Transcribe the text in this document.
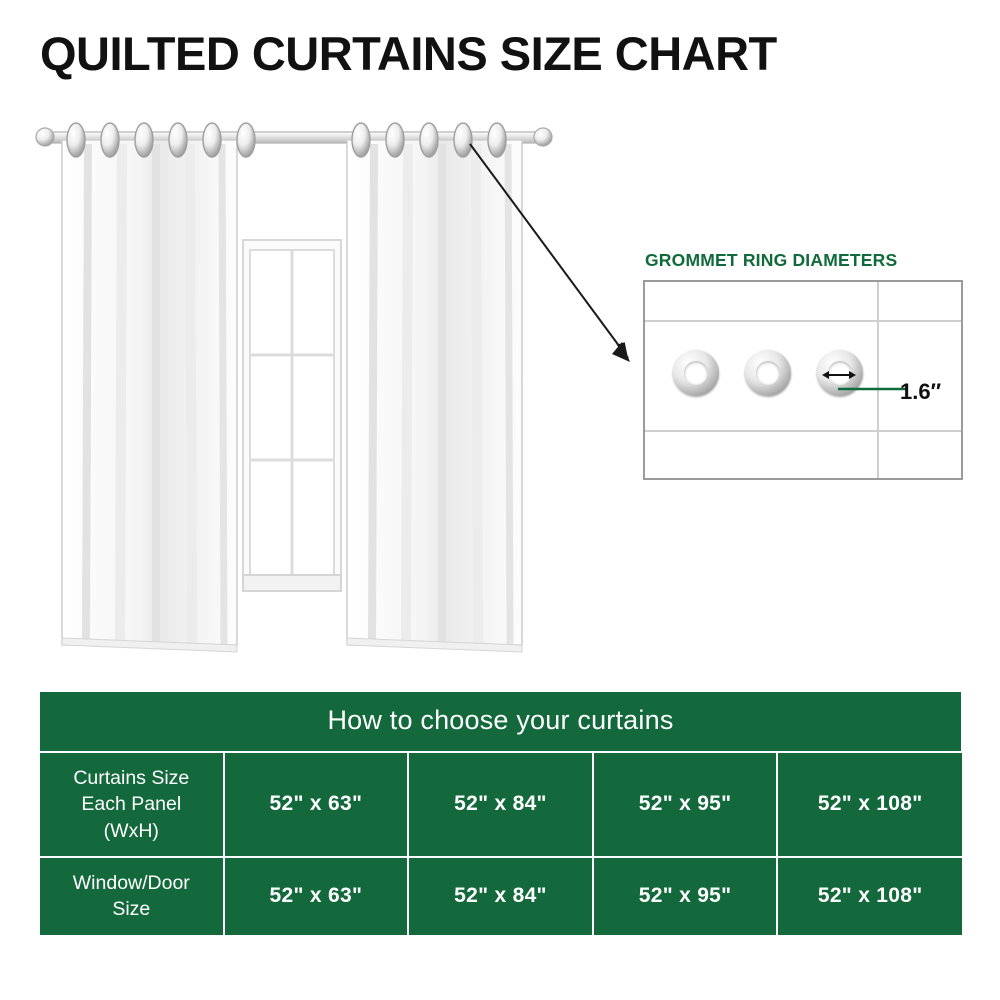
QUILTED CURTAINS SIZE CHART
GROMMET RING DIAMETERS
1.6″
How to choose your curtains				

Curtains Size
Each Panel
(WxH)	52" x 63"	52" x 84"	52" x 95"	52" x 108"

Window/Door
Size	52" x 63"	52" x 84"	52" x 95"	52" x 108"
